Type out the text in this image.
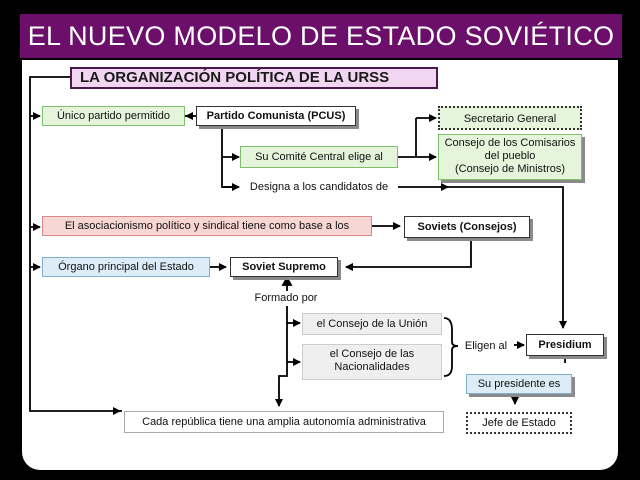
EL NUEVO MODELO DE ESTADO SOVIÉTICO
LA ORGANIZACIÓN POLÍTICA DE LA URSS
Único partido permitido	Partido Comunista (PCUS)	Secretario General
Su Comité Central elige al
Consejo de los Comisarios
del pueblo
(Consejo de Ministros)
Designa a los candidatos de
El asociacionismo político y sindical tiene como base a los	Soviets (Consejos)
Órgano principal del Estado	Soviet Supremo
Formado por
el Consejo de la Unión
el Consejo de las
Nacionalidades
Eligen al	Presidium
Su presidente es
Jefe de Estado
Cada república tiene una amplia autonomía administrativa
